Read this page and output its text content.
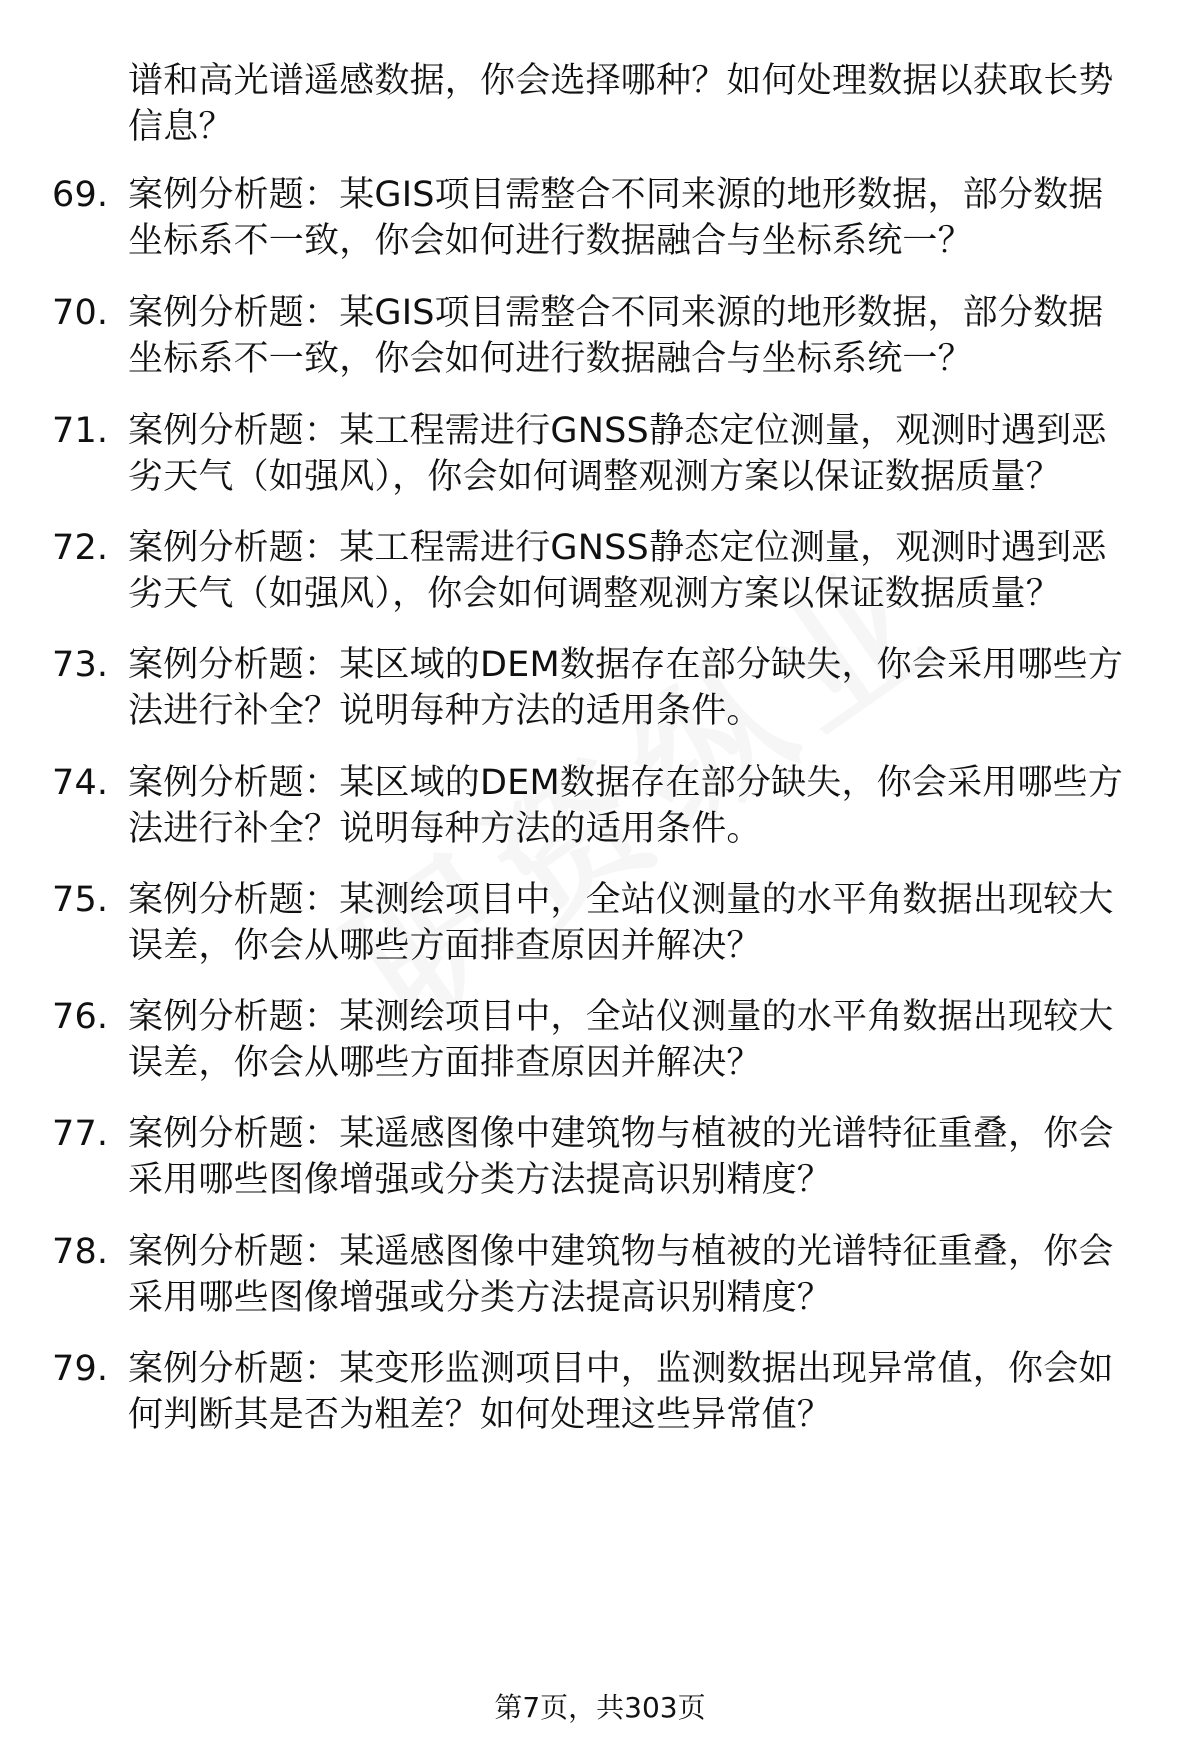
谱和高光谱遥感数据，你会选择哪种？如何处理数据以获取长势信息？
69. 案例分析题：某GIS项目需整合不同来源的地形数据，部分数据坐标系不一致，你会如何进行数据融合与坐标系统一？
70. 案例分析题：某GIS项目需整合不同来源的地形数据，部分数据坐标系不一致，你会如何进行数据融合与坐标系统一？
71. 案例分析题：某工程需进行GNSS静态定位测量，观测时遇到恶劣天气（如强风），你会如何调整观测方案以保证数据质量？
72. 案例分析题：某工程需进行GNSS静态定位测量，观测时遇到恶劣天气（如强风），你会如何调整观测方案以保证数据质量？
73. 案例分析题：某区域的DEM数据存在部分缺失，你会采用哪些方法进行补全？说明每种方法的适用条件。
74. 案例分析题：某区域的DEM数据存在部分缺失，你会采用哪些方法进行补全？说明每种方法的适用条件。
75. 案例分析题：某测绘项目中，全站仪测量的水平角数据出现较大误差，你会从哪些方面排查原因并解决？
76. 案例分析题：某测绘项目中，全站仪测量的水平角数据出现较大误差，你会从哪些方面排查原因并解决？
77. 案例分析题：某遥感图像中建筑物与植被的光谱特征重叠，你会采用哪些图像增强或分类方法提高识别精度？
78. 案例分析题：某遥感图像中建筑物与植被的光谱特征重叠，你会采用哪些图像增强或分类方法提高识别精度？
79. 案例分析题：某变形监测项目中，监测数据出现异常值，你会如何判断其是否为粗差？如何处理这些异常值？
第7页，共303页
